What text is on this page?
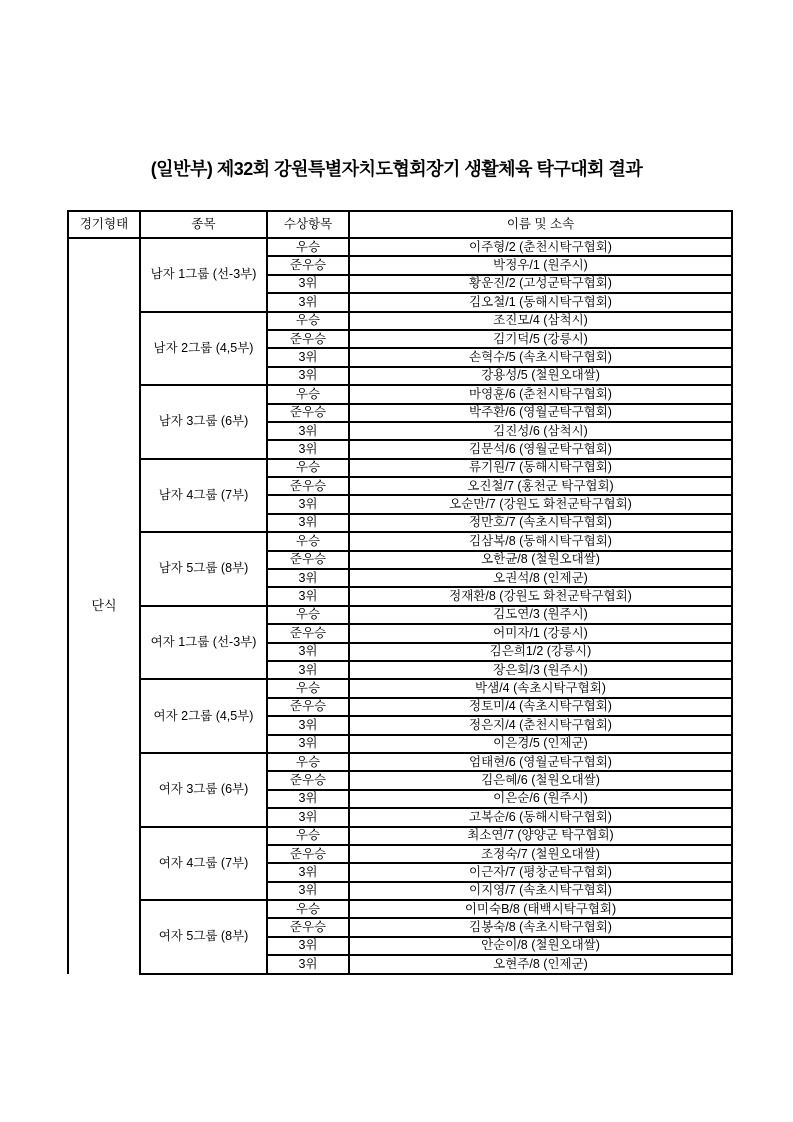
(일반부) 제32회 강원특별자치도협회장기 생활체육 탁구대회 결과
경기형태	종목	수상항목	이름 및 소속
단식	남자 1그룹 (선-3부)	우승	이주형/2 (춘천시탁구협회)
		준우승	박정우/1 (원주시)
		3위	황운진/2 (고성군탁구협회)
		3위	김오철/1 (동해시탁구협회)
	남자 2그룹 (4,5부)	우승	조진모/4 (삼척시)
		준우승	김기덕/5 (강릉시)
		3위	손혁수/5 (속초시탁구협회)
		3위	강용성/5 (철원오대쌀)
	남자 3그룹 (6부)	우승	마영훈/6 (춘천시탁구협회)
		준우승	박주환/6 (영월군탁구협회)
		3위	김진성/6 (삼척시)
		3위	김문석/6 (영월군탁구협회)
	남자 4그룹 (7부)	우승	류기원/7 (동해시탁구협회)
		준우승	오진철/7 (홍천군 탁구협회)
		3위	오순만/7 (강원도 화천군탁구협회)
		3위	정만호/7 (속초시탁구협회)
	남자 5그룹 (8부)	우승	김삼복/8 (동해시탁구협회)
		준우승	오한균/8 (철원오대쌀)
		3위	오권석/8 (인제군)
		3위	정재환/8 (강원도 화천군탁구협회)
	여자 1그룹 (선-3부)	우승	김도연/3 (원주시)
		준우승	어미자/1 (강릉시)
		3위	김은희1/2 (강릉시)
		3위	장은회/3 (원주시)
	여자 2그룹 (4,5부)	우승	박샘/4 (속초시탁구협회)
		준우승	정토미/4 (속초시탁구협회)
		3위	정은지/4 (춘천시탁구협회)
		3위	이은경/5 (인제군)
	여자 3그룹 (6부)	우승	엄태현/6 (영월군탁구협회)
		준우승	김은혜/6 (철원오대쌀)
		3위	이은순/6 (원주시)
		3위	고복순/6 (동해시탁구협회)
	여자 4그룹 (7부)	우승	최소연/7 (양양군 탁구협회)
		준우승	조정숙/7 (철원오대쌀)
		3위	이근자/7 (평창군탁구협회)
		3위	이지영/7 (속초시탁구협회)
	여자 5그룹 (8부)	우승	이미숙B/8 (태백시탁구협회)
		준우승	김봉숙/8 (속초시탁구협회)
		3위	안순이/8 (철원오대쌀)
		3위	오현주/8 (인제군)
